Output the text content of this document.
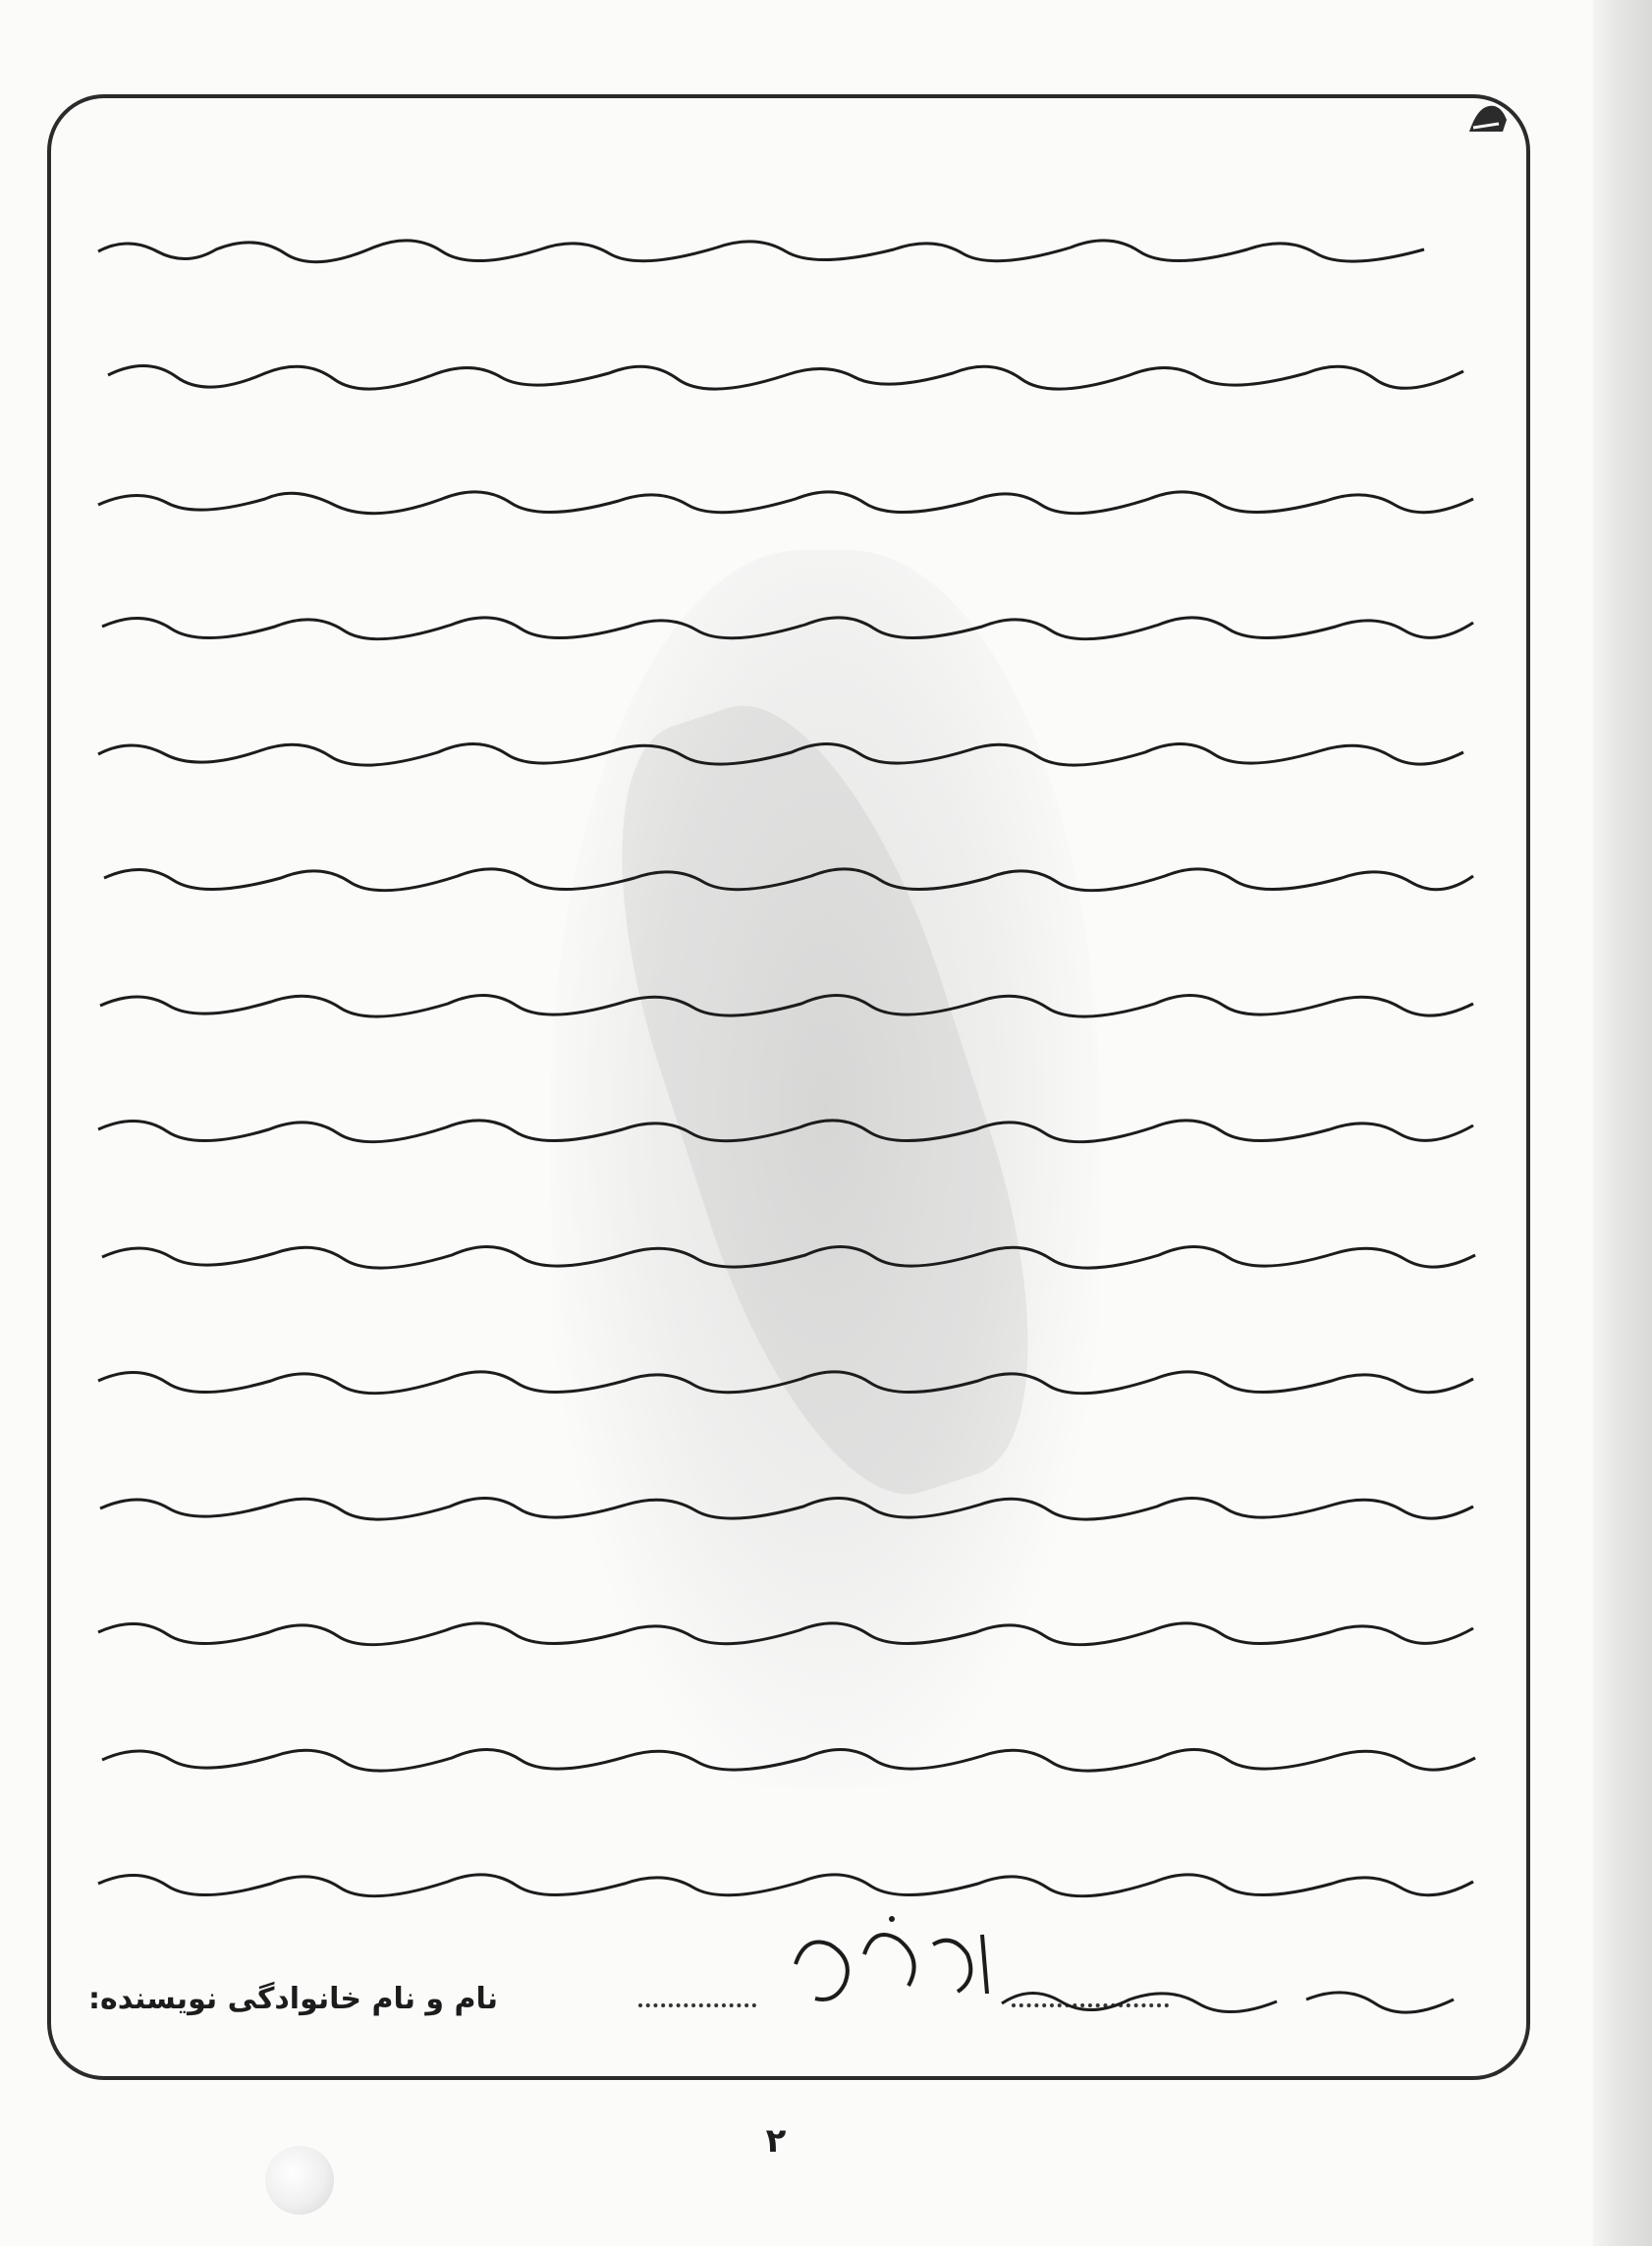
نام و نام خانوادگی نویسنده:
۲
